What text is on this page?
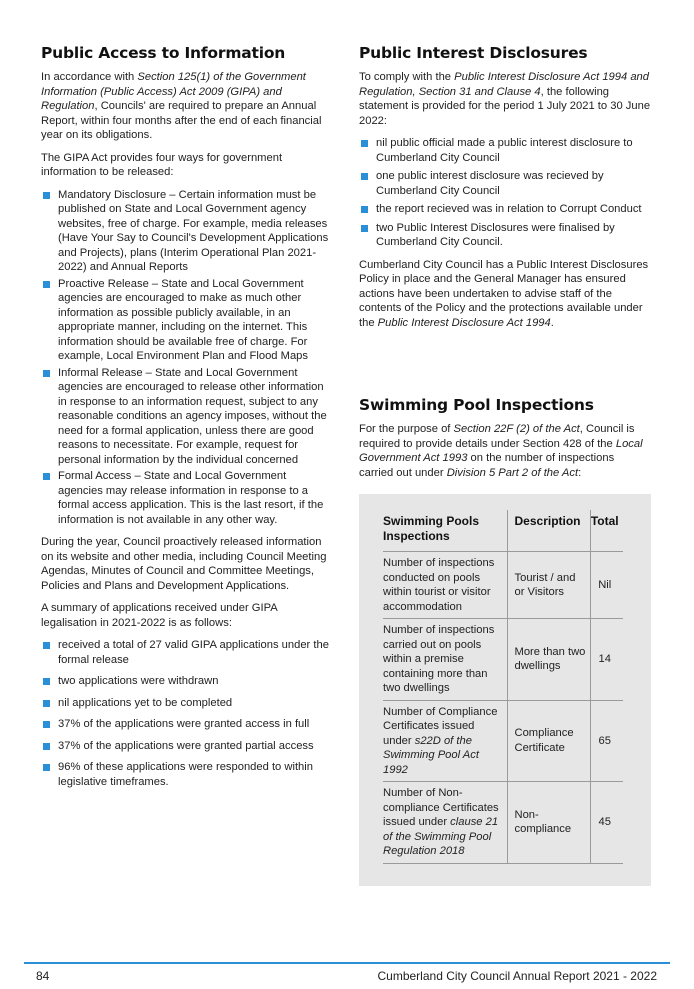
Public Access to Information

In accordance with Section 125(1) of the Government Information (Public Access) Act 2009 (GIPA) and Regulation, Councils' are required to prepare an Annual Report, within four months after the end of each financial year on its obligations.

The GIPA Act provides four ways for government information to be released:

Mandatory Disclosure – Certain information must be published on State and Local Government agency websites, free of charge. For example, media releases (Have Your Say to Council's Development Applications and Projects), plans (Interim Operational Plan 2021-2022) and Annual Reports
Proactive Release – State and Local Government agencies are encouraged to make as much other information as possible publicly available, in an appropriate manner, including on the internet. This information should be available free of charge. For example, Local Environment Plan and Flood Maps
Informal Release – State and Local Government agencies are encouraged to release other information in response to an information request, subject to any reasonable conditions an agency imposes, without the need for a formal application, unless there are good reasons to necessitate. For example, request for personal information by the individual concerned
Formal Access – State and Local Government agencies may release information in response to a formal access application. This is the last resort, if the information is not available in any other way.

During the year, Council proactively released information on its website and other media, including Council Meeting Agendas, Minutes of Council and Committee Meetings, Policies and Plans and Development Applications.

A summary of applications received under GIPA legalisation in 2021-2022 is as follows:

received a total of 27 valid GIPA applications under the formal release
two applications were withdrawn
nil applications yet to be completed
37% of the applications were granted access in full
37% of the applications were granted partial access
96% of these applications were responded to within legislative timeframes.
Public Interest Disclosures

To comply with the Public Interest Disclosure Act 1994 and Regulation, Section 31 and Clause 4, the following statement is provided for the period 1 July 2021 to 30 June 2022:

nil public official made a public interest disclosure to Cumberland City Council
one public interest disclosure was recieved by Cumberland City Council
the report recieved was in relation to Corrupt Conduct
two Public Interest Disclosures were finalised by Cumberland City Council.

Cumberland City Council has a Public Interest Disclosures Policy in place and the General Manager has ensured actions have been undertaken to advise staff of the contents of the Policy and the protections available under the Public Interest Disclosure Act 1994.

Swimming Pool Inspections

For the purpose of Section 22F (2) of the Act, Council is required to provide details under Section 428 of the Local Government Act 1993 on the number of inspections carried out under Division 5 Part 2 of the Act:

Swimming Pools Inspections	Description	Total
Number of inspections conducted on pools within tourist or visitor accommodation	Tourist / and or Visitors	Nil
Number of inspections carried out on pools within a premise containing more than two dwellings	More than two dwellings	14
Number of Compliance Certificates issued under s22D of the Swimming Pool Act 1992	Compliance Certificate	65
Number of Non-compliance Certificates issued under clause 21 of the Swimming Pool Regulation 2018	Non-compliance	45
84	Cumberland City Council Annual Report 2021 - 2022
